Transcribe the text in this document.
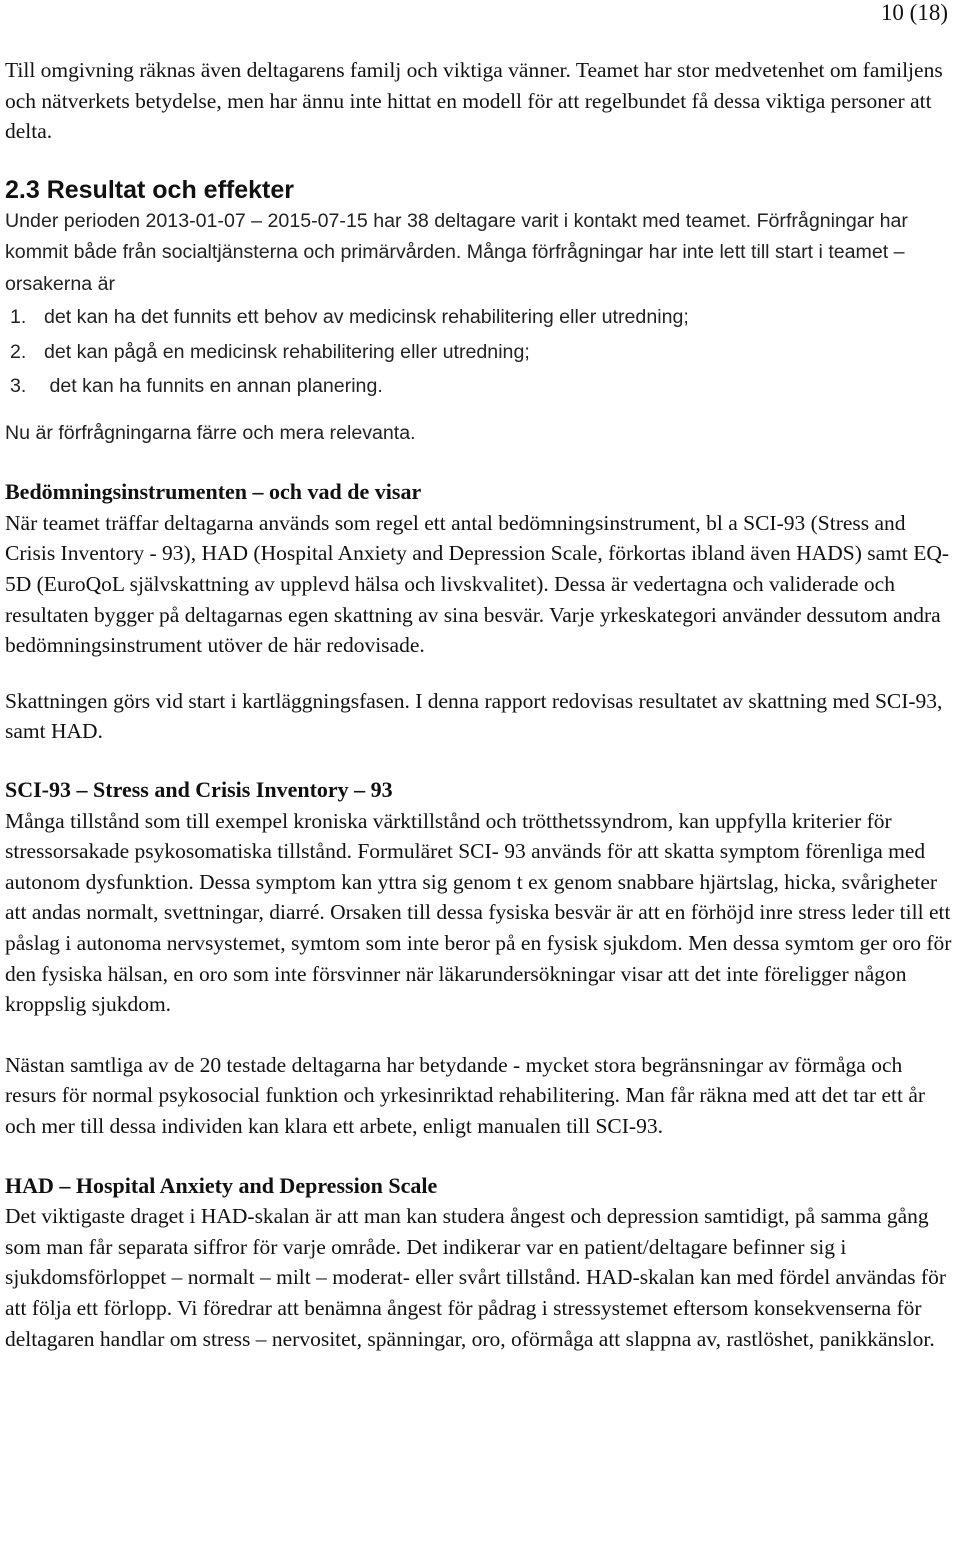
10 (18)

Till omgivning räknas även deltagarens familj och viktiga vänner. Teamet har stor medvetenhet om familjens och nätverkets betydelse, men har ännu inte hittat en modell för att regelbundet få dessa viktiga personer att delta.

2.3 Resultat och effekter

Under perioden 2013-01-07 – 2015-07-15 har 38 deltagare varit i kontakt med teamet. Förfrågningar har kommit både från socialtjänsterna och primärvården. Många förfrågningar har inte lett till start i teamet – orsakerna är

1. det kan ha det funnits ett behov av medicinsk rehabilitering eller utredning;
2. det kan pågå en medicinsk rehabilitering eller utredning;
3. det kan ha funnits en annan planering.

Nu är förfrågningarna färre och mera relevanta.

Bedömningsinstrumenten – och vad de visar

När teamet träffar deltagarna används som regel ett antal bedömningsinstrument, bl a SCI-93 (Stress and Crisis Inventory - 93), HAD (Hospital Anxiety and Depression Scale, förkortas ibland även HADS) samt EQ-5D (EuroQoL självskattning av upplevd hälsa och livskvalitet). Dessa är vedertagna och validerade och resultaten bygger på deltagarnas egen skattning av sina besvär. Varje yrkeskategori använder dessutom andra bedömningsinstrument utöver de här redovisade.

Skattningen görs vid start i kartläggningsfasen. I denna rapport redovisas resultatet av skattning med SCI-93, samt HAD.

SCI-93 – Stress and Crisis Inventory – 93

Många tillstånd som till exempel kroniska värktillstånd och trötthetssyndrom, kan uppfylla kriterier för stressorsakade psykosomatiska tillstånd. Formuläret SCI- 93 används för att skatta symptom förenliga med autonom dysfunktion. Dessa symptom kan yttra sig genom t ex genom snabbare hjärtslag, hicka, svårigheter att andas normalt, svettningar, diarré. Orsaken till dessa fysiska besvär är att en förhöjd inre stress leder till ett påslag i autonoma nervsystemet, symtom som inte beror på en fysisk sjukdom. Men dessa symtom ger oro för den fysiska hälsan, en oro som inte försvinner när läkarundersökningar visar att det inte föreligger någon kroppslig sjukdom.

Nästan samtliga av de 20 testade deltagarna har betydande - mycket stora begränsningar av förmåga och resurs för normal psykosocial funktion och yrkesinriktad rehabilitering. Man får räkna med att det tar ett år och mer till dessa individen kan klara ett arbete, enligt manualen till SCI-93.

HAD – Hospital Anxiety and Depression Scale

Det viktigaste draget i HAD-skalan är att man kan studera ångest och depression samtidigt, på samma gång som man får separata siffror för varje område. Det indikerar var en patient/deltagare befinner sig i sjukdomsförloppet – normalt – milt – moderat- eller svårt tillstånd. HAD-skalan kan med fördel användas för att följa ett förlopp. Vi föredrar att benämna ångest för pådrag i stressystemet eftersom konsekvenserna för deltagaren handlar om stress – nervositet, spänningar, oro, oförmåga att slappna av, rastlöshet, panikkänslor.
